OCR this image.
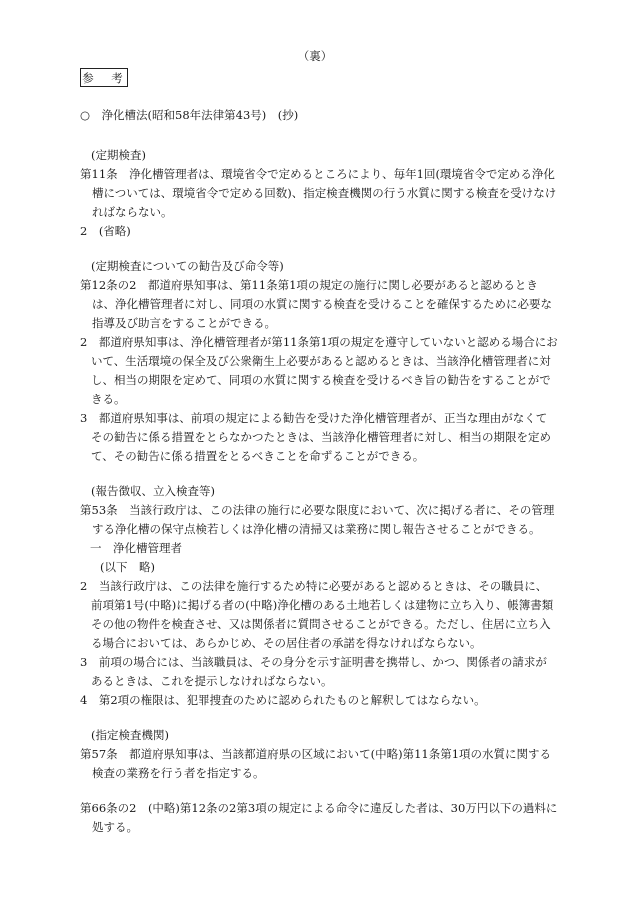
（裏）
参　考
○　浄化槽法(昭和58年法律第43号)　(抄)
(定期検査)
第11条　浄化槽管理者は、環境省令で定めるところにより、毎年1回(環境省令で定める浄化槽については、環境省令で定める回数)、指定検査機関の行う水質に関する検査を受けなければならない。
2　(省略)
(定期検査についての勧告及び命令等)
第12条の2　都道府県知事は、第11条第1項の規定の施行に関し必要があると認めるときは、浄化槽管理者に対し、同項の水質に関する検査を受けることを確保するために必要な指導及び助言をすることができる。
2　都道府県知事は、浄化槽管理者が第11条第1項の規定を遵守していないと認める場合において、生活環境の保全及び公衆衛生上必要があると認めるときは、当該浄化槽管理者に対し、相当の期限を定めて、同項の水質に関する検査を受けるべき旨の勧告をすることができる。
3　都道府県知事は、前項の規定による勧告を受けた浄化槽管理者が、正当な理由がなくてその勧告に係る措置をとらなかつたときは、当該浄化槽管理者に対し、相当の期限を定めて、その勧告に係る措置をとるべきことを命ずることができる。
(報告徴収、立入検査等)
第53条　当該行政庁は、この法律の施行に必要な限度において、次に掲げる者に、その管理する浄化槽の保守点検若しくは浄化槽の清掃又は業務に関し報告させることができる。
一　浄化槽管理者
(以下　略)
2　当該行政庁は、この法律を施行するため特に必要があると認めるときは、その職員に、前項第1号(中略)に掲げる者の(中略)浄化槽のある土地若しくは建物に立ち入り、帳簿書類その他の物件を検査させ、又は関係者に質問させることができる。ただし、住居に立ち入る場合においては、あらかじめ、その居住者の承諾を得なければならない。
3　前項の場合には、当該職員は、その身分を示す証明書を携帯し、かつ、関係者の請求があるときは、これを提示しなければならない。
4　第2項の権限は、犯罪捜査のために認められたものと解釈してはならない。
(指定検査機関)
第57条　都道府県知事は、当該都道府県の区域において(中略)第11条第1項の水質に関する検査の業務を行う者を指定する。
第66条の2　(中略)第12条の2第3項の規定による命令に違反した者は、30万円以下の過料に処する。
